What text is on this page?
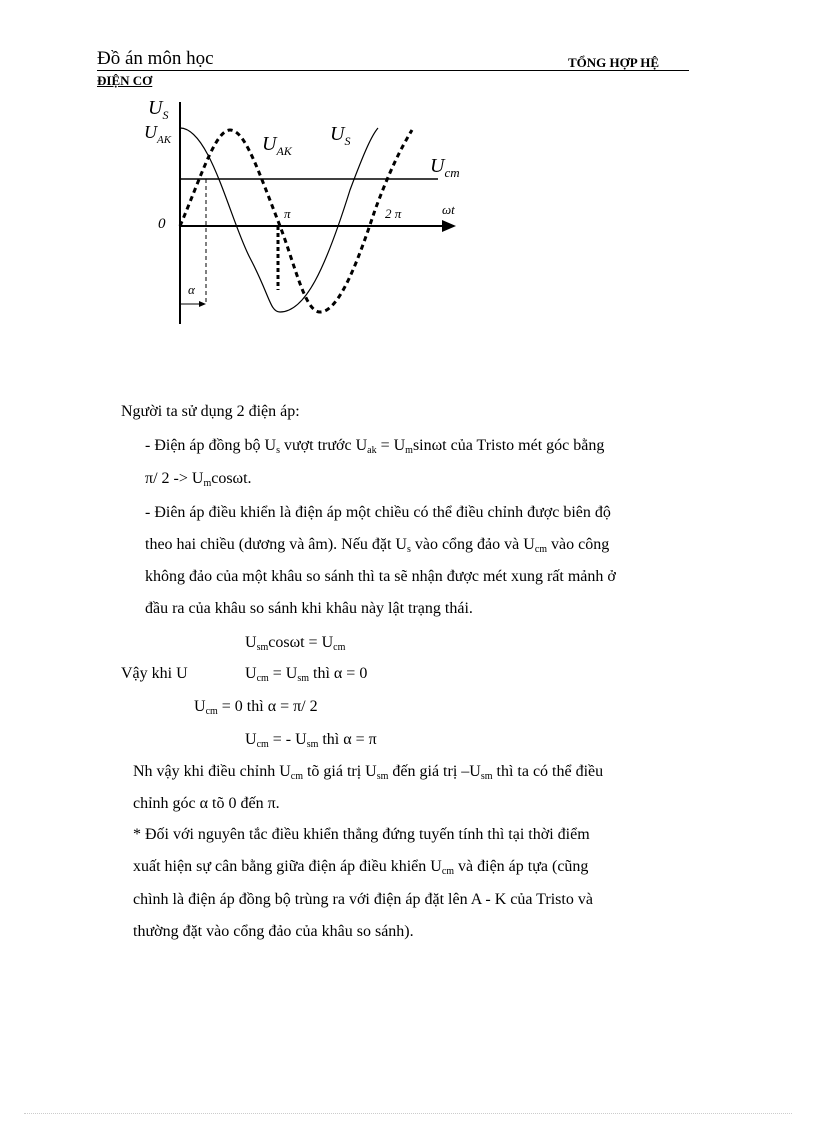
Đồ án môn học	TỔNG HỢP HỆ
ĐIỆN CƠ
$U_S$
$U_{AK}$	$U_{AK}$
$U_S$
$U_{cm}$
0
π	2 π	ωt
α
Người ta sử dụng 2 điện áp:
- Điện áp đồng bộ $U_s$ vượt trước $U_{ak} = U_m\sin\omega t$ của Tristo mét góc bằng
π/ $2 -> U_m\cos\omega t$.
- Điên áp điều khiển là điện áp một chiều có thể điều chỉnh được biên độ
theo hai chiều (dương và âm). Nếu đặt $U_s$ vào cổng đảo và $U_{cm}$ vào công
không đảo của một khâu so sánh thì ta sẽ nhận được mét xung rất mảnh ở
đầu ra của khâu so sánh khi khâu này lật trạng thái.
$U_{sm}\cos\omega t = U_{cm}$
Vậy khi U	$U_{cm} = U_{sm}$ thì α = 0
$U_{cm} = 0$ thì α = π/ 2
$U_{cm}$ = - $U_{sm}$ thì α = π
Nh vậy khi điều chỉnh $U_{cm}$ tõ giá trị $U_{sm}$ đến giá trị $-U_{sm}$ thì ta có thể điều
chỉnh góc α tõ 0 đến π.
* Đối với nguyên tắc điều khiển thẳng đứng tuyến tính thì tại thời điểm
xuất hiện sự cân bằng giữa điện áp điều khiển $U_{cm}$ và điện áp tựa (cũng
chình là điện áp đồng bộ trùng ra với điện áp đặt lên A - K của Tristo và
thường đặt vào cổng đảo của khâu so sánh).
